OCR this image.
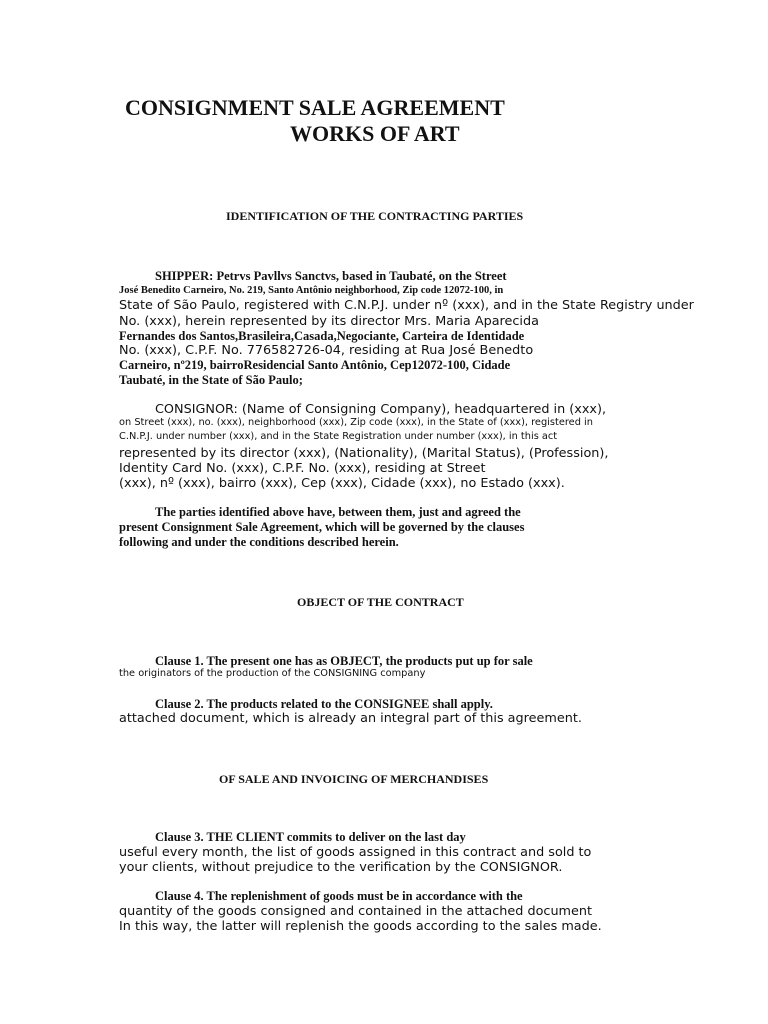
CONSIGNMENT SALE AGREEMENT

WORKS OF ART

IDENTIFICATION OF THE CONTRACTING PARTIES

SHIPPER: Petrvs Pavllvs Sanctvs, based in Taubaté, on the Street

José Benedito Carneiro, No. 219, Santo Antônio neighborhood, Zip code 12072-100, in

State of São Paulo, registered with C.N.P.J. under nº (xxx), and in the State Registry under

No. (xxx), herein represented by its director Mrs. Maria Aparecida

Fernandes dos Santos,Brasileira,Casada,Negociante, Carteira de Identidade

No. (xxx), C.P.F. No. 776582726-04, residing at Rua José Benedto

Carneiro, nº219, bairroResidencial Santo Antônio, Cep12072-100, Cidade

Taubaté, in the State of São Paulo;

CONSIGNOR: (Name of Consigning Company), headquartered in (xxx),

on Street (xxx), no. (xxx), neighborhood (xxx), Zip code (xxx), in the State of (xxx), registered in

C.N.P.J. under number (xxx), and in the State Registration under number (xxx), in this act

represented by its director (xxx), (Nationality), (Marital Status), (Profession),

Identity Card No. (xxx), C.P.F. No. (xxx), residing at Street

(xxx), nº (xxx), bairro (xxx), Cep (xxx), Cidade (xxx), no Estado (xxx).

The parties identified above have, between them, just and agreed the

present Consignment Sale Agreement, which will be governed by the clauses

following and under the conditions described herein.

OBJECT OF THE CONTRACT

Clause 1. The present one has as OBJECT, the products put up for sale

the originators of the production of the CONSIGNING company

Clause 2. The products related to the CONSIGNEE shall apply.

attached document, which is already an integral part of this agreement.

OF SALE AND INVOICING OF MERCHANDISES

Clause 3. THE CLIENT commits to deliver on the last day

useful every month, the list of goods assigned in this contract and sold to

your clients, without prejudice to the verification by the CONSIGNOR.

Clause 4. The replenishment of goods must be in accordance with the

quantity of the goods consigned and contained in the attached document

In this way, the latter will replenish the goods according to the sales made.
